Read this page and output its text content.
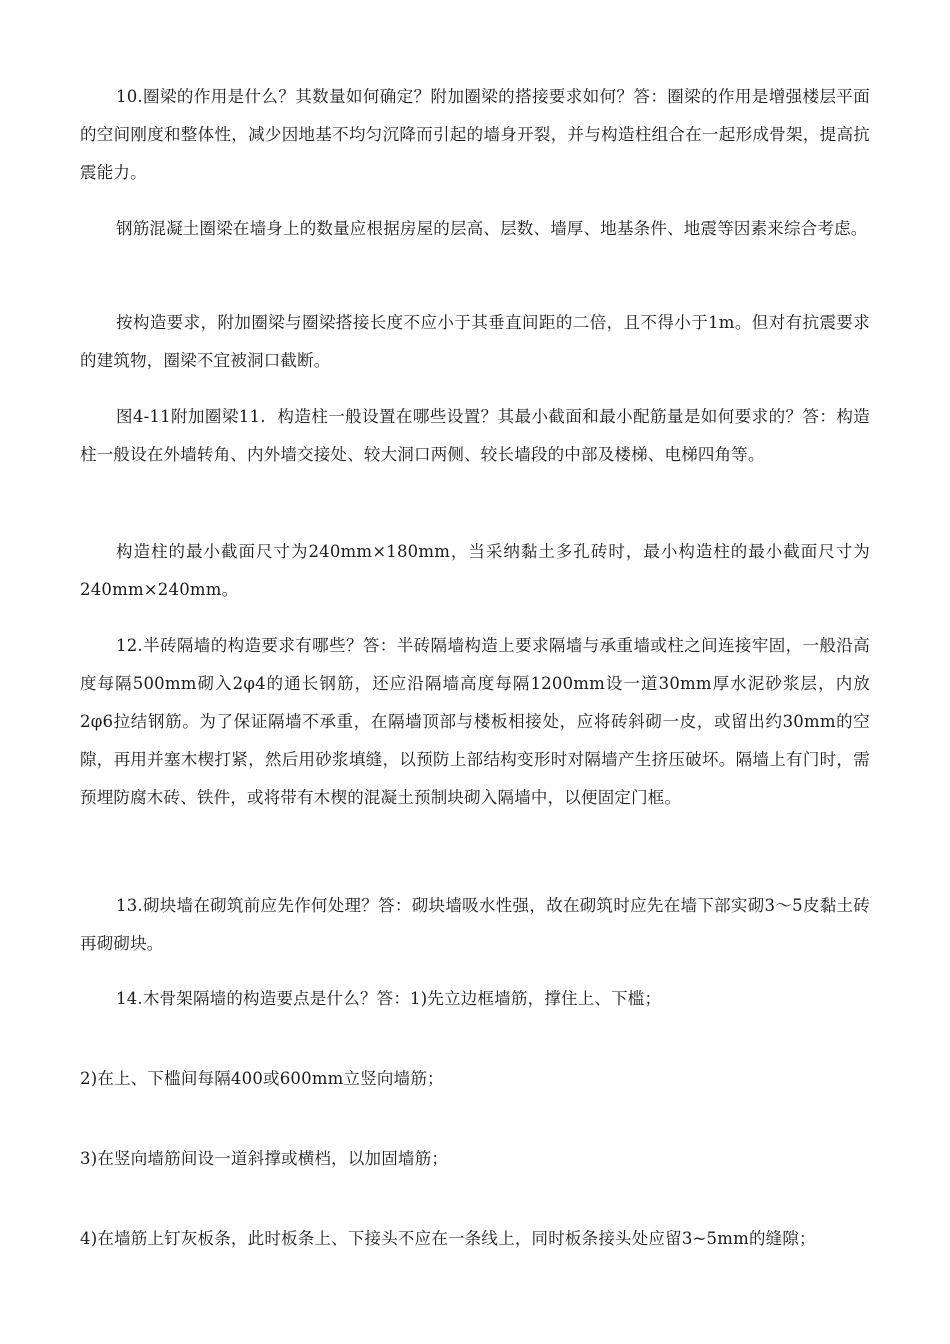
10.圈梁的作用是什么？其数量如何确定？附加圈梁的搭接要求如何？答：圈梁的作用是增强楼层平面的空间刚度和整体性，减少因地基不均匀沉降而引起的墙身开裂，并与构造柱组合在一起形成骨架，提高抗震能力。

钢筋混凝土圈梁在墙身上的数量应根据房屋的层高、层数、墙厚、地基条件、地震等因素来综合考虑。

按构造要求，附加圈梁与圈梁搭接长度不应小于其垂直间距的二倍，且不得小于1m。但对有抗震要求的建筑物，圈梁不宜被洞口截断。

图4-11附加圈梁11．构造柱一般设置在哪些设置？其最小截面和最小配筋量是如何要求的？答：构造柱一般设在外墙转角、内外墙交接处、较大洞口两侧、较长墙段的中部及楼梯、电梯四角等。

构造柱的最小截面尺寸为240mm×180mm，当采纳黏土多孔砖时，最小构造柱的最小截面尺寸为240mm×240mm。

12.半砖隔墙的构造要求有哪些？答：半砖隔墙构造上要求隔墙与承重墙或柱之间连接牢固，一般沿高度每隔500mm砌入2φ4的通长钢筋，还应沿隔墙高度每隔1200mm设一道30mm厚水泥砂浆层，内放2φ6拉结钢筋。为了保证隔墙不承重，在隔墙顶部与楼板相接处，应将砖斜砌一皮，或留出约30mm的空隙，再用并塞木楔打紧，然后用砂浆填缝，以预防上部结构变形时对隔墙产生挤压破坏。隔墙上有门时，需预埋防腐木砖、铁件，或将带有木楔的混凝土预制块砌入隔墙中，以便固定门框。

13.砌块墙在砌筑前应先作何处理？答：砌块墙吸水性强，故在砌筑时应先在墙下部实砌3～5皮黏土砖再砌砌块。

14.木骨架隔墙的构造要点是什么？答：1)先立边框墙筋，撑住上、下槛；

2)在上、下槛间每隔400或600mm立竖向墙筋；

3)在竖向墙筋间设一道斜撑或横档，以加固墙筋；

4)在墙筋上钉灰板条，此时板条上、下接头不应在一条线上，同时板条接头处应留3~5mm的缝隙；
